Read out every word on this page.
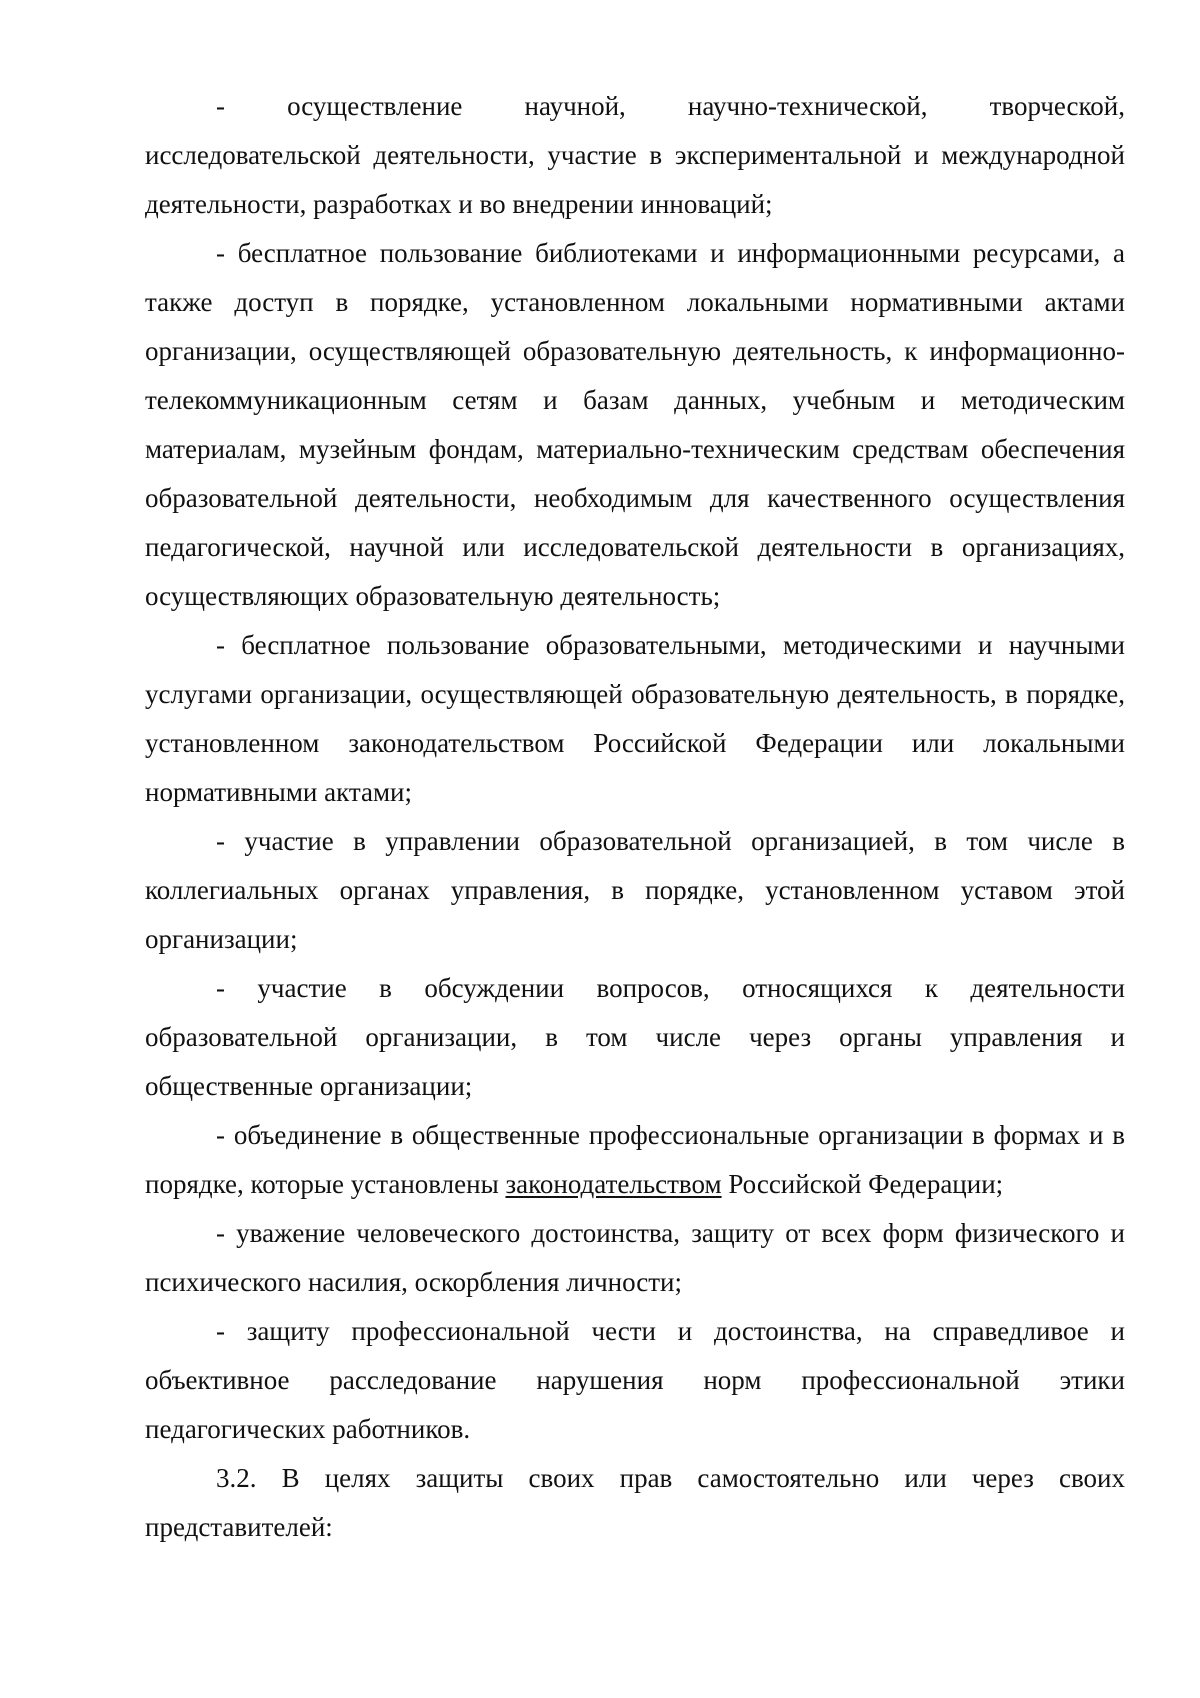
- осуществление научной, научно-технической, творческой, исследовательской деятельности, участие в экспериментальной и международной деятельности, разработках и во внедрении инноваций;

- бесплатное пользование библиотеками и информационными ресурсами, а также доступ в порядке, установленном локальными нормативными актами организации, осуществляющей образовательную деятельность, к информационно-телекоммуникационным сетям и базам данных, учебным и методическим материалам, музейным фондам, материально-техническим средствам обеспечения образовательной деятельности, необходимым для качественного осуществления педагогической, научной или исследовательской деятельности в организациях, осуществляющих образовательную деятельность;

- бесплатное пользование образовательными, методическими и научными услугами организации, осуществляющей образовательную деятельность, в порядке, установленном законодательством Российской Федерации или локальными нормативными актами;

- участие в управлении образовательной организацией, в том числе в коллегиальных органах управления, в порядке, установленном уставом этой организации;

- участие в обсуждении вопросов, относящихся к деятельности образовательной организации, в том числе через органы управления и общественные организации;

- объединение в общественные профессиональные организации в формах и в порядке, которые установлены законодательством Российской Федерации;

- уважение человеческого достоинства, защиту от всех форм физического и психического насилия, оскорбления личности;

- защиту профессиональной чести и достоинства, на справедливое и объективное расследование нарушения норм профессиональной этики педагогических работников.

3.2. В целях защиты своих прав самостоятельно или через своих представителей:
